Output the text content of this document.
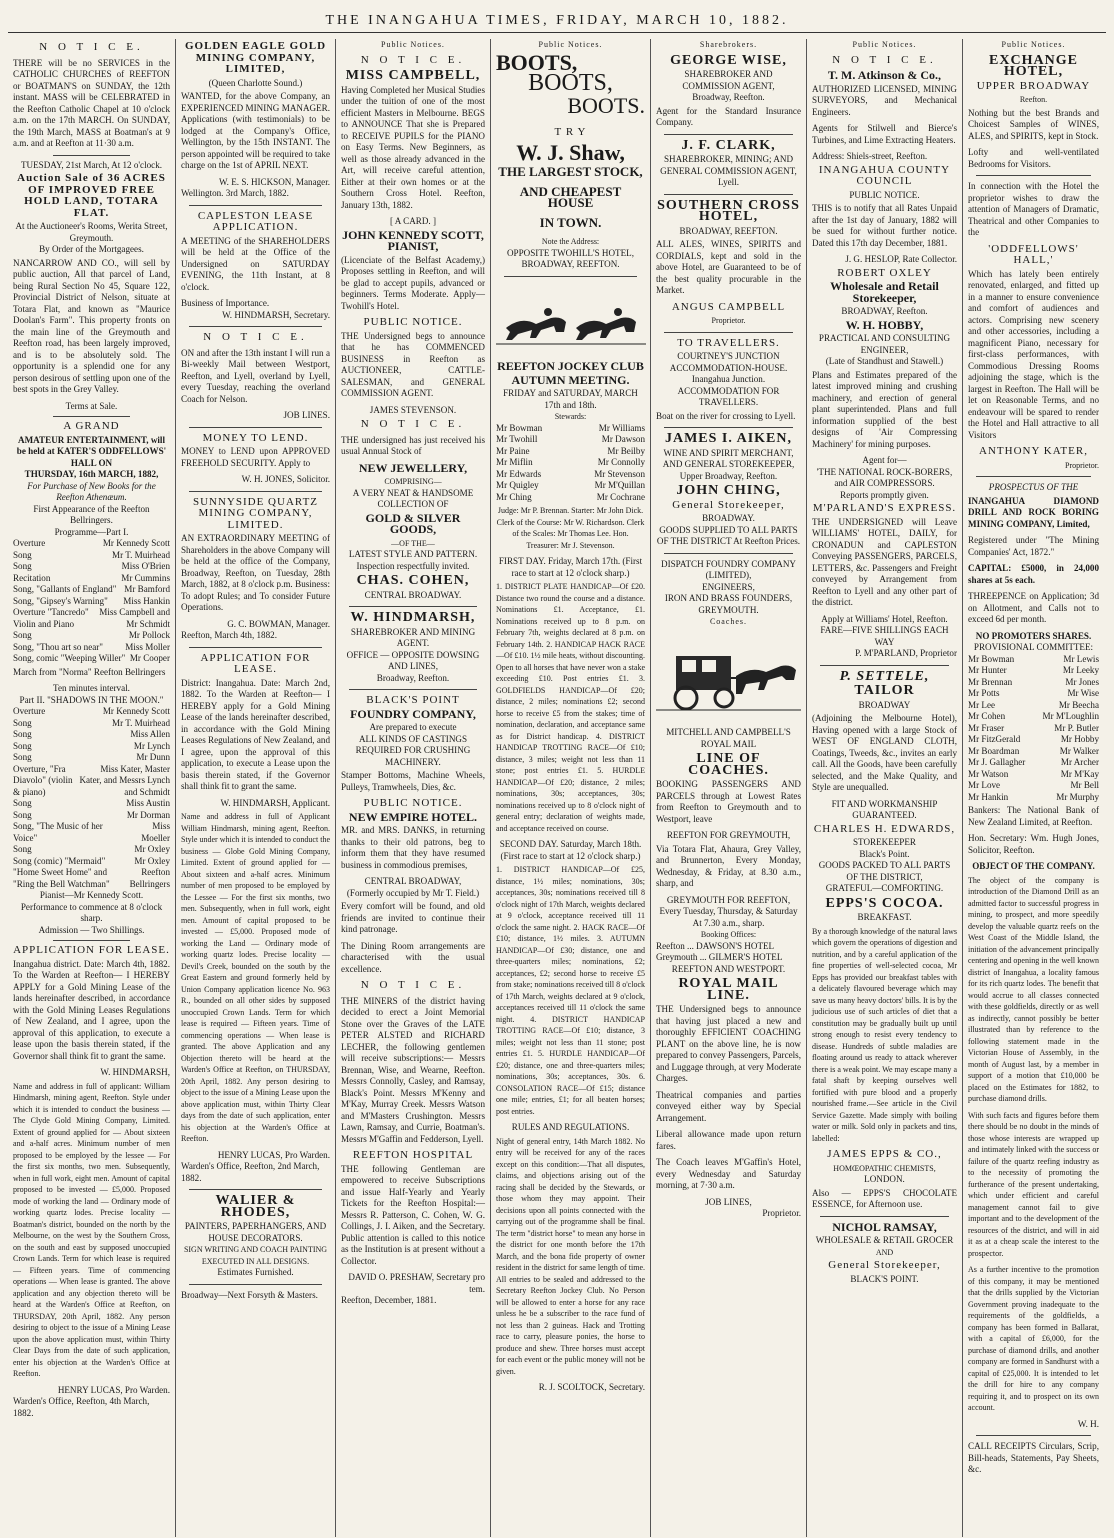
THE INANGAHUA TIMES, FRIDAY, MARCH 10, 1882.
N O T I C E.
THERE will be no SERVICES in the CATHOLIC CHURCHES of REEFTON or BOATMAN'S on SUNDAY, the 12th instant. MASS will be CELEBRATED in the Reefton Catholic Chapel at 10 o'clock a.m. on the 17th MARCH. On SUNDAY, the 19th March, MASS at Boatman's at 9 a.m. and at Reefton at 11·30 a.m.
TUESDAY, 21st March, At 12 o'clock.
Auction Sale of 36 ACRES OF IMPROVED FREE HOLD LAND, TOTARA FLAT.
At the Auctioneer's Rooms, Werita Street, Greymouth.
By Order of the Mortgagees.
NANCARROW AND CO., will sell by public auction, All that parcel of Land, being Rural Section No 45, Square 122, Provincial District of Nelson, situate at Totara Flat, and known as "Maurice Doolan's Farm". This property fronts on the main line of the Greymouth and Reefton road, has been largely improved, and is to be absolutely sold. The opportunity is a splendid one for any person desirous of settling upon one of the best spots in the Grey Valley.
Terms at Sale.
A GRAND
AMATEUR ENTERTAINMENT, will be held at KATER'S ODDFELLOWS' HALL ON
THURSDAY, 16th MARCH, 1882,
For Purchase of New Books for the Reefton Athenæum.
First Appearance of the Reefton Bellringers.
Programme—Part I.
Overture	Mr Kennedy Scott
Song	Mr T. Muirhead
Song	Miss O'Brien
Recitation	Mr Cummins
Song, "Gallants of England" Mr Bamford
Song, "Gipsey's Warning" Miss Hankin
Overture "Tancredo" Violin and Piano
Miss Campbell and Mr Schmidt
Song	Mr Pollock
Song, "Thou art so near" Miss Moller
Song, comic "Weeping Willer" Mr Cooper
March from "Norma" Reefton Bellringers
Ten minutes interval.
Part II. "SHADOWS IN THE MOON."
Overture	Mr Kennedy Scott
Song	Mr T. Muirhead
Song	Miss Allen
Song	Mr Lynch
Song	Mr Dunn
Overture, "Fra Diavolo" (violin & piano)
Miss Kater, Master Kater, and Messrs Lynch and Schmidt
Song	Miss Austin
Song	Mr Dorman
Song, "The Music of her Voice"
Miss Moeller
Song	Mr Oxley
Song (comic) "Mermaid"	Mr Oxley
"Home Sweet Home" and "Ring the Bell Watchman"
Reefton Bellringers
Pianist—Mr Kennedy Scott.
Performance to commence at 8 o'clock sharp.
Admission — Two Shillings.
APPLICATION FOR LEASE.
Inangahua district. Date: March 4th, 1882. To the Warden at Reefton— I HEREBY APPLY for a Gold Mining Lease of the lands hereinafter described, in accordance with the Gold Mining Leases Regulations of New Zealand, and I agree, upon the approval of this application, to execute a lease upon the basis therein stated, if the Governor shall think fit to grant the same.
W. HINDMARSH,
Name and address in full of applicant: William Hindmarsh, mining agent, Reefton. Style under which it is intended to conduct the business — The Clyde Gold Mining Company, Limited. Extent of ground applied for — About sixteen and a-half acres. Minimum number of men proposed to be employed by the lessee — For the first six months, two men. Subsequently, when in full work, eight men. Amount of capital proposed to be invested — £5,000. Proposed mode of working the land — Ordinary mode of working quartz lodes. Precise locality — Boatman's district, bounded on the north by the Melbourne, on the west by the Southern Cross, on the south and east by supposed unoccupied Crown Lands. Term for which lease is required — Fifteen years. Time of commencing operations — When lease is granted. The above application and any objection thereto will be heard at the Warden's Office at Reefton, on THURSDAY, 20th April, 1882. Any person desiring to object to the issue of a Mining Lease upon the above application must, within Thirty Clear Days from the date of such application, enter his objection at the Warden's Office at Reefton.
HENRY LUCAS, Pro Warden.
Warden's Office, Reefton, 4th March, 1882.
GOLDEN EAGLE GOLD MINING COMPANY, LIMITED,
(Queen Charlotte Sound.)
WANTED, for the above Company, an EXPERIENCED MINING MANAGER. Applications (with testimonials) to be lodged at the Company's Office, Wellington, by the 15th INSTANT. The person appointed will be required to take charge on the 1st of APRIL NEXT.
W. E. S. HICKSON, Manager.
Wellington. 3rd March, 1882.
CAPLESTON LEASE APPLICATION.
A MEETING of the SHAREHOLDERS will be held at the Office of the Undersigned on SATURDAY EVENING, the 11th Instant, at 8 o'clock.
Business of Importance.
W. HINDMARSH, Secretary.
N O T I C E.
ON and after the 13th instant I will run a Bi-weekly Mail between Westport, Reefton, and Lyell, overland by Lyell, every Tuesday, reaching the overland Coach for Nelson.
JOB LINES.
MONEY TO LEND.
MONEY to LEND upon APPROVED FREEHOLD SECURITY. Apply to
W. H. JONES, Solicitor.
SUNNYSIDE QUARTZ MINING COMPANY, LIMITED.
AN EXTRAORDINARY MEETING of Shareholders in the above Company will be held at the office of the Company, Broadway, Reefton, on Tuesday, 28th March, 1882, at 8 o'clock p.m. Business: To adopt Rules; and To consider Future Operations.
G. C. BOWMAN, Manager.
Reefton, March 4th, 1882.
APPLICATION FOR LEASE.
District: Inangahua. Date: March 2nd, 1882. To the Warden at Reefton— I HEREBY apply for a Gold Mining Lease of the lands hereinafter described, in accordance with the Gold Mining Leases Regulations of New Zealand, and I agree, upon the approval of this application, to execute a Lease upon the basis therein stated, if the Governor shall think fit to grant the same.
W. HINDMARSH, Applicant.
Name and address in full of Applicant William Hindmarsh, mining agent, Reefton. Style under which it is intended to conduct the business — Globe Gold Mining Company, Limited. Extent of ground applied for — About sixteen and a-half acres. Minimum number of men proposed to be employed by the Lessee — For the first six months, two men. Subsequently, when in full work, eight men. Amount of capital proposed to be invested — £5,000. Proposed mode of working the Land — Ordinary mode of working quartz lodes. Precise locality — Devil's Creek, bounded on the south by the Great Eastern and ground formerly held by Union Company application licence No. 963 R., bounded on all other sides by supposed unoccupied Crown Lands. Term for which lease is required — Fifteen years. Time of commencing operations — When lease is granted. The above Application and any Objection thereto will be heard at the Warden's Office at Reefton, on THURSDAY, 20th April, 1882. Any person desiring to object to the issue of a Mining Lease upon the above application must, within Thirty Clear days from the date of such application, enter his objection at the Warden's Office at Reefton.
HENRY LUCAS, Pro Warden.
Warden's Office, Reefton, 2nd March, 1882.
WALIER & RHODES,
PAINTERS, PAPERHANGERS, AND HOUSE DECORATORS.
SIGN WRITING AND COACH PAINTING EXECUTED IN ALL DESIGNS.
Estimates Furnished.
Broadway—Next Forsyth & Masters.
Public Notices.
N O T I C E.
MISS CAMPBELL,
Having Completed her Musical Studies under the tuition of one of the most efficient Masters in Melbourne. BEGS to ANNOUNCE That she is Prepared to RECEIVE PUPILS for the PIANO on Easy Terms. New Beginners, as well as those already advanced in the Art, will receive careful attention, Either at their own homes or at the Southern Cross Hotel. Reefton, January 13th, 1882.
[ A CARD. ]
JOHN KENNEDY SCOTT, PIANIST,
(Licenciate of the Belfast Academy,) Proposes settling in Reefton, and will be glad to accept pupils, advanced or beginners. Terms Moderate. Apply—Twohill's Hotel.
PUBLIC NOTICE.
THE Undersigned begs to announce that he has COMMENCED BUSINESS in Reefton as AUCTIONEER, CATTLE-SALESMAN, and GENERAL COMMISSION AGENT.
JAMES STEVENSON.
N O T I C E.
THE undersigned has just received his usual Annual Stock of
NEW JEWELLERY,
COMPRISING—
A VERY NEAT & HANDSOME COLLECTION OF
GOLD & SILVER GOODS,
—OF THE—
LATEST STYLE AND PATTERN.
Inspection respectfully invited.
CHAS. COHEN,
CENTRAL BROADWAY.
W. HINDMARSH,
SHAREBROKER AND MINING AGENT.
OFFICE — OPPOSITE DOWSING AND LINES,
Broadway, Reefton.
BLACK'S POINT
FOUNDRY COMPANY,
Are prepared to execute
ALL KINDS OF CASTINGS REQUIRED FOR CRUSHING MACHINERY.
Stamper Bottoms, Machine Wheels, Pulleys, Tramwheels, Dies, &c.
PUBLIC NOTICE.
NEW EMPIRE HOTEL.
MR. and MRS. DANKS, in returning thanks to their old patrons, beg to inform them that they have resumed business in commodious premises,
CENTRAL BROADWAY,
(Formerly occupied by Mr T. Field.)
Every comfort will be found, and old friends are invited to continue their kind patronage.
The Dining Room arrangements are characterised with the usual excellence.
N O T I C E.
THE MINERS of the district having decided to erect a Joint Memorial Stone over the Graves of the LATE PETER ALSTED and RICHARD LECHER, the following gentlemen will receive subscriptions:— Messrs Brennan, Wise, and Wearne, Reefton. Messrs Connolly, Casley, and Ramsay, Black's Point. Messrs M'Kenny and M'Kay, Murray Creek. Messrs Watson and M'Masters Crushington. Messrs Lawn, Ramsay, and Currie, Boatman's. Messrs M'Gaffin and Fedderson, Lyell.
REEFTON HOSPITAL
THE following Gentleman are empowered to receive Subscriptions and issue Half-Yearly and Yearly Tickets for the Reefton Hospital:— Messrs R. Patterson, C. Cohen, W. G. Collings, J. I. Aiken, and the Secretary. Public attention is called to this notice as the Institution is at present without a Collector.
DAVID O. PRESHAW, Secretary pro tem.
Reefton, December, 1881.
Public Notices.
BOOTS,
BOOTS,
BOOTS.
T R Y
W. J. Shaw,
THE LARGEST STOCK,
AND CHEAPEST HOUSE
IN TOWN.
Note the Address:
OPPOSITE TWOHILL'S HOTEL, BROADWAY, REEFTON.
REEFTON JOCKEY CLUB
AUTUMN MEETING.
FRIDAY and SATURDAY, MARCH 17th and 18th.
Stewards:
Mr Bowman	Mr Williams
Mr Twohill	Mr Dawson
Mr Paine	Mr Beilby
Mr Miflin	Mr Connolly
Mr Edwards	Mr Stevenson
Mr Quigley	Mr M'Quillan
Mr Ching	Mr Cochrane
Judge: Mr P. Brennan. Starter: Mr John Dick. Clerk of the Course: Mr W. Richardson. Clerk of the Scales: Mr Thomas Lee. Hon. Treasurer: Mr J. Stevenson.
FIRST DAY. Friday, March 17th. (First race to start at 12 o'clock sharp.)
1. DISTRICT PLATE HANDICAP—Of £20. Distance two round the course and a distance. Nominations £1. Acceptance, £1. Nominations received up to 8 p.m. on February 7th, weights declared at 8 p.m. on February 14th. 2. HANDICAP HACK RACE—Of £10. 1½ mile heats, without discounting. Open to all horses that have never won a stake exceeding £10. Post entries £1. 3. GOLDFIELDS HANDICAP—Of £20; distance, 2 miles; nominations £2; second horse to receive £5 from the stakes; time of nomination, declaration, and acceptance same as for District handicap. 4. DISTRICT HANDICAP TROTTING RACE—Of £10; distance, 3 miles; weight not less than 11 stone; post entries £1. 5. HURDLE HANDICAP—Of £20; distance, 2 miles; nominations, 30s; acceptances, 30s; nominations received up to 8 o'clock night of general entry; declaration of weights made, and acceptance received on course.
SECOND DAY. Saturday, March 18th. (First race to start at 12 o'clock sharp.)
1. DISTRICT HANDICAP—Of £25, distance, 1½ miles; nominations, 30s; acceptances, 30s; nominations received till 8 o'clock night of 17th March, weights declared at 9 o'clock, acceptance received till 11 o'clock the same night. 2. HACK RACE—Of £10; distance, 1½ miles. 3. AUTUMN HANDICAP—Of £30; distance, one and three-quarters miles; nominations, £2; acceptances, £2; second horse to receive £5 from stake; nominations received till 8 o'clock of 17th March, weights declared at 9 o'clock, acceptances received till 11 o'clock the same night. 4. DISTRICT HANDICAP TROTTING RACE—Of £10; distance, 3 miles; weight not less than 11 stone; post entries £1. 5. HURDLE HANDICAP—Of £20; distance, one and three-quarters miles; nominations, 30s; acceptances, 30s. 6. CONSOLATION RACE—Of £15; distance one mile; entries, £1; for all beaten horses; post entries.
RULES AND REGULATIONS.
Night of general entry, 14th March 1882. No entry will be received for any of the races except on this condition:—That all disputes, claims, and objections arising out of the racing shall be decided by the Stewards, or those whom they may appoint. Their decisions upon all points connected with the carrying out of the programme shall be final. The term "district horse" to mean any horse in the district for one month before the 17th March, and the bona fide property of owner resident in the district for same length of time. All entries to be sealed and addressed to the Secretary Reefton Jockey Club. No Person will be allowed to enter a horse for any race unless he be a subscriber to the race fund of not less than 2 guineas. Hack and Trotting race to carry, pleasure ponies, the horse to produce and shew. Three horses must accept for each event or the public money will not be given.
R. J. SCOLTOCK, Secretary.
Sharebrokers.
GEORGE WISE,
SHAREBROKER AND COMMISSION AGENT,
Broadway, Reefton.
Agent for the Standard Insurance Company.
J. F. CLARK,
SHAREBROKER, MINING; AND GENERAL COMMISSION AGENT,
Lyell.
SOUTHERN CROSS HOTEL,
BROADWAY, REEFTON.
ALL ALES, WINES, SPIRITS and CORDIALS, kept and sold in the above Hotel, are Guaranteed to be of the best quality procurable in the Market.
ANGUS CAMPBELL
Proprietor.
TO TRAVELLERS.
COURTNEY'S JUNCTION ACCOMMODATION-HOUSE.
Inangahua Junction.
ACCOMMODATION FOR TRAVELLERS.
Boat on the river for crossing to Lyell.
JAMES I. AIKEN,
WINE AND SPIRIT MERCHANT, AND GENERAL STOREKEEPER,
Upper Broadway, Reefton.
JOHN CHING,
General Storekeeper,
BROADWAY.
GOODS SUPPLIED TO ALL PARTS OF THE DISTRICT At Reefton Prices.
DISPATCH FOUNDRY COMPANY (LIMITED),
ENGINEERS,
IRON AND BRASS FOUNDERS,
GREYMOUTH.
Coaches.
MITCHELL AND CAMPBELL'S ROYAL MAIL
LINE OF COACHES.
BOOKING PASSENGERS AND PARCELS through at Lowest Rates from Reefton to Greymouth and to Westport, leave
REEFTON FOR GREYMOUTH,
Via Totara Flat, Ahaura, Grey Valley, and Brunnerton, Every Monday, Wednesday, & Friday, at 8.30 a.m., sharp, and
GREYMOUTH FOR REEFTON,
Every Tuesday, Thursday, & Saturday At 7.30 a.m., sharp.
Booking Offices:
Reefton ... DAWSON'S HOTEL
Greymouth ... GILMER'S HOTEL
REEFTON AND WESTPORT.
ROYAL MAIL LINE.
THE Undersigned begs to announce that having just placed a new and thoroughly EFFICIENT COACHING PLANT on the above line, he is now prepared to convey Passengers, Parcels, and Luggage through, at very Moderate Charges.
Theatrical companies and parties conveyed either way by Special Arrangement.
Liberal allowance made upon return fares.
The Coach leaves M'Gaffin's Hotel, every Wednesday and Saturday morning, at 7·30 a.m.
JOB LINES,
Proprietor.
Public Notices.
N O T I C E.
T. M. Atkinson & Co.,
AUTHORIZED LICENSED, MINING SURVEYORS, and Mechanical Engineers.
Agents for Stilwell and Bierce's Turbines, and Lime Extracting Heaters.
Address: Shiels-street, Reefton.
INANGAHUA COUNTY COUNCIL
PUBLIC NOTICE.
THIS is to notify that all Rates Unpaid after the 1st day of January, 1882 will be sued for without further notice. Dated this 17th day December, 1881.
J. G. HESLOP, Rate Collector.
ROBERT OXLEY
Wholesale and Retail Storekeeper,
BROADWAY, Reefton.
W. H. HOBBY,
PRACTICAL AND CONSULTING ENGINEER,
(Late of Standhust and Stawell.)
Plans and Estimates prepared of the latest improved mining and crushing machinery, and erection of general plant superintended. Plans and full information supplied of the best designs of 'Air Compressing Machinery' for mining purposes.
Agent for—
'THE NATIONAL ROCK-BORERS, and AIR COMPRESSORS.
Reports promptly given.
M'PARLAND'S EXPRESS.
THE UNDERSIGNED will Leave WILLIAMS' HOTEL, DAILY, for CRONADUN and CAPLESTON Conveying PASSENGERS, PARCELS, LETTERS, &c. Passengers and Freight conveyed by Arrangement from Reefton to Lyell and any other part of the district.
Apply at Williams' Hotel, Reefton.
FARE—FIVE SHILLINGS EACH WAY
P. M'PARLAND, Proprietor
P. SETTELE,
TAILOR
BROADWAY
(Adjoining the Melbourne Hotel), Having opened with a large Stock of WEST OF ENGLAND CLOTH, Coatings, Tweeds, &c., invites an early call. All the Goods, have been carefully selected, and the Make Quality, and Style are unequalled.
FIT AND WORKMANSHIP GUARANTEED.
CHARLES H. EDWARDS,
STOREKEEPER
Black's Point.
GOODS PACKED TO ALL PARTS OF THE DISTRICT,
GRATEFUL—COMFORTING.
EPPS'S COCOA.
BREAKFAST.
By a thorough knowledge of the natural laws which govern the operations of digestion and nutrition, and by a careful application of the fine properties of well-selected cocoa, Mr Epps has provided our breakfast tables with a delicately flavoured beverage which may save us many heavy doctors' bills. It is by the judicious use of such articles of diet that a constitution may be gradually built up until strong enough to resist every tendency to disease. Hundreds of subtle maladies are floating around us ready to attack wherever there is a weak point. We may escape many a fatal shaft by keeping ourselves well fortified with pure blood and a properly nourished frame.—See article in the Civil Service Gazette. Made simply with boiling water or milk. Sold only in packets and tins, labelled:
JAMES EPPS & CO.,
HOMŒOPATHIC CHEMISTS,
LONDON.
Also — EPPS'S CHOCOLATE ESSENCE, for Afternoon use.
NICHOL RAMSAY,
WHOLESALE & RETAIL GROCER
AND
General Storekeeper,
BLACK'S POINT.
Public Notices.
EXCHANGE HOTEL,
UPPER BROADWAY
Reefton.
Nothing but the best Brands and Choicest Samples of WINES, ALES, and SPIRITS, kept in Stock.
Lofty and well-ventilated Bedrooms for Visitors.
In connection with the Hotel the proprietor wishes to draw the attention of Managers of Dramatic, Theatrical and other Companies to the
'ODDFELLOWS' HALL,'
Which has lately been entirely renovated, enlarged, and fitted up in a manner to ensure convenience and comfort of audiences and actors. Comprising new scenery and other accessories, including a magnificent Piano, necessary for first-class performances, with Commodious Dressing Rooms adjoining the stage, which is the largest in Reefton. The Hall will be let on Reasonable Terms, and no endeavour will be spared to render the Hotel and Hall attractive to all Visitors
ANTHONY KATER,
Proprietor.
PROSPECTUS OF THE
INANGAHUA DIAMOND DRILL AND ROCK BORING MINING COMPANY, Limited,
Registered under "The Mining Companies' Act, 1872."
CAPITAL: £5000, in 24,000 shares at 5s each.
THREEPENCE on Application; 3d on Allotment, and Calls not to exceed 6d per month.
NO PROMOTERS SHARES.
PROVISIONAL COMMITTEE:
Mr Bowman	Mr Lewis
Mr Hunter	Mr Leeky
Mr Brennan	Mr Jones
Mr Potts	Mr Wise
Mr Lee	Mr Beecha
Mr Cohen	Mr M'Loughlin
Mr Fraser	Mr P. Butler
Mr FitzGerald	Mr Hobby
Mr Boardman	Mr Walker
Mr J. Gallagher	Mr Archer
Mr Watson	Mr M'Kay
Mr Love	Mr Bell
Mr Hankin	Mr Murphy
Bankers: The National Bank of New Zealand Limited, at Reefton.
Hon. Secretary: Wm. Hugh Jones, Solicitor, Reefton.
OBJECT OF THE COMPANY.
The object of the company is introduction of the Diamond Drill as an admitted factor to successful progress in mining, to prospect, and more speedily develop the valuable quartz reefs on the West Coast of the Middle Island, the initiation of the advancement principally centering and opening in the well known district of Inangahua, a locality famous for its rich quartz lodes. The benefit that would accrue to all classes connected with these goldfields, directly or as well as indirectly, cannot possibly be better illustrated than by reference to the following statement made in the Victorian House of Assembly, in the month of August last, by a member in support of a motion that £10,000 be placed on the Estimates for 1882, to purchase diamond drills.
With such facts and figures before them there should be no doubt in the minds of those whose interests are wrapped up and intimately linked with the success or failure of the quartz reefing industry as to the necessity of promoting the furtherance of the present undertaking, which under efficient and careful management cannot fail to give important and to the development of the resources of the district, and will in aid it as at a cheap scale the interest to the prospector.
As a further incentive to the promotion of this company, it may be mentioned that the drills supplied by the Victorian Government proving inadequate to the requirements of the goldfields, a company has been formed in Ballarat, with a capital of £6,000, for the purchase of diamond drills, and another company are formed in Sandhurst with a capital of £25,000. It is intended to let the drill for hire to any company requiring it, and to prospect on its own account.
W. H.
CALL RECEIPTS Circulars, Scrip, Bill-heads, Statements, Pay Sheets, &c.
